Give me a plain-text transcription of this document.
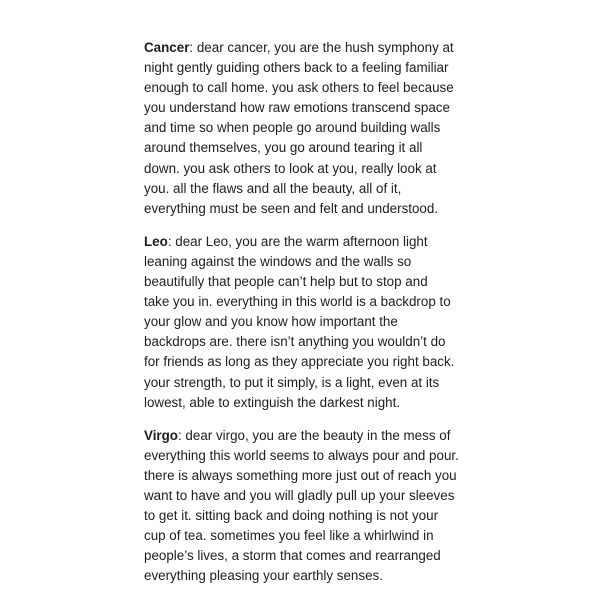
Cancer: dear cancer, you are the hush symphony at
night gently guiding others back to a feeling familiar
enough to call home. you ask others to feel because
you understand how raw emotions transcend space
and time so when people go around building walls
around themselves, you go around tearing it all
down. you ask others to look at you, really look at
you. all the flaws and all the beauty, all of it,
everything must be seen and felt and understood.

Leo: dear Leo, you are the warm afternoon light
leaning against the windows and the walls so
beautifully that people can’t help but to stop and
take you in. everything in this world is a backdrop to
your glow and you know how important the
backdrops are. there isn’t anything you wouldn’t do
for friends as long as they appreciate you right back.
your strength, to put it simply, is a light, even at its
lowest, able to extinguish the darkest night.

Virgo: dear virgo, you are the beauty in the mess of
everything this world seems to always pour and pour.
there is always something more just out of reach you
want to have and you will gladly pull up your sleeves
to get it. sitting back and doing nothing is not your
cup of tea. sometimes you feel like a whirlwind in
people’s lives, a storm that comes and rearranged
everything pleasing your earthly senses.
